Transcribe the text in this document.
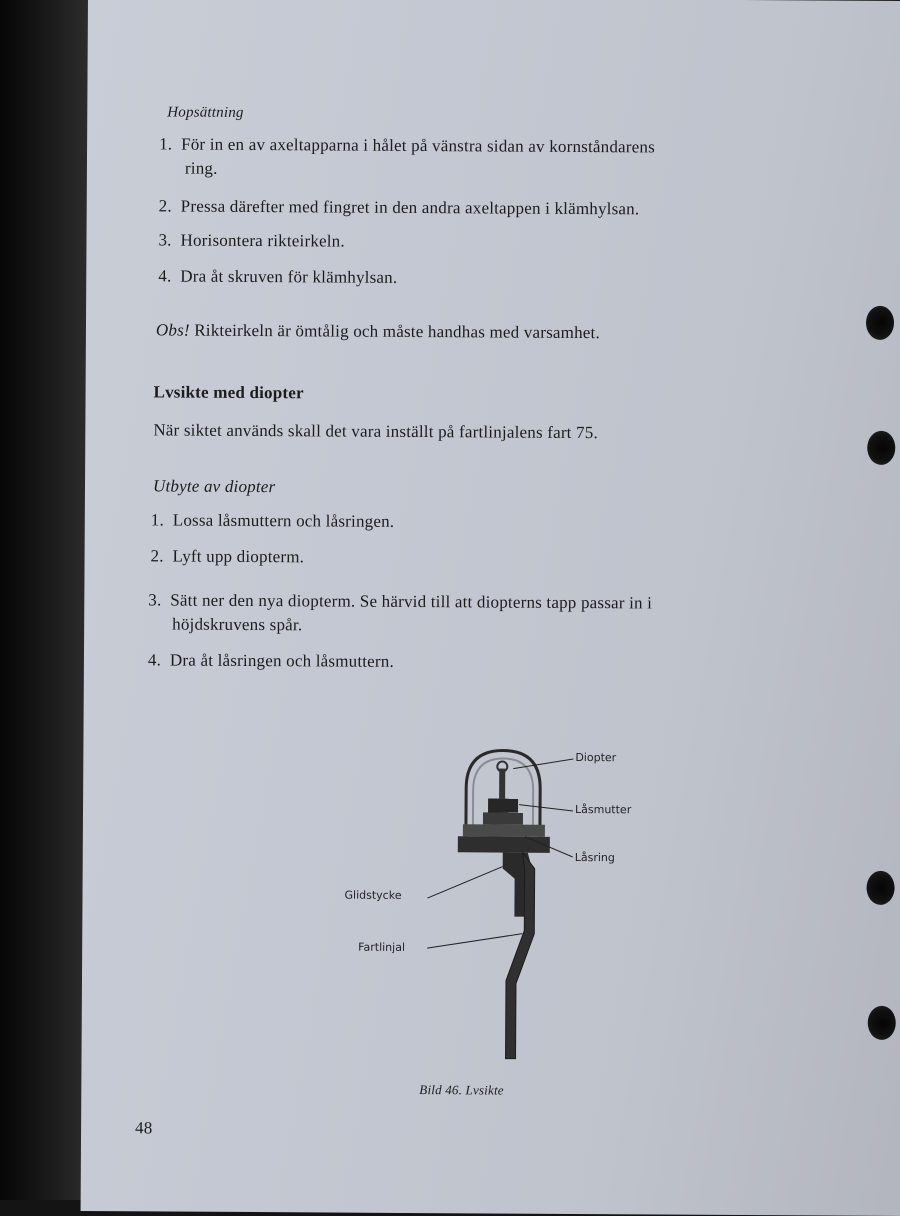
Hopsättning
1. För in en av axeltapparna i hålet på vänstra sidan av kornståndarens
ring.
2. Pressa därefter med fingret in den andra axeltappen i klämhylsan.
3. Horisontera rikteirkeln.
4. Dra åt skruven för klämhylsan.
Obs! Rikteirkeln är ömtålig och måste handhas med varsamhet.
Lvsikte med diopter
När siktet används skall det vara inställt på fartlinjalens fart 75.
Utbyte av diopter
1. Lossa låsmuttern och låsringen.
2. Lyft upp diopterm.
3. Sätt ner den nya diopterm. Se härvid till att diopterns tapp passar in i
höjdskruvens spår.
4. Dra åt låsringen och låsmuttern.
Diopter
Låsmutter
Låsring
Glidstycke
Fartlinjal
Bild 46. Lvsikte
48
